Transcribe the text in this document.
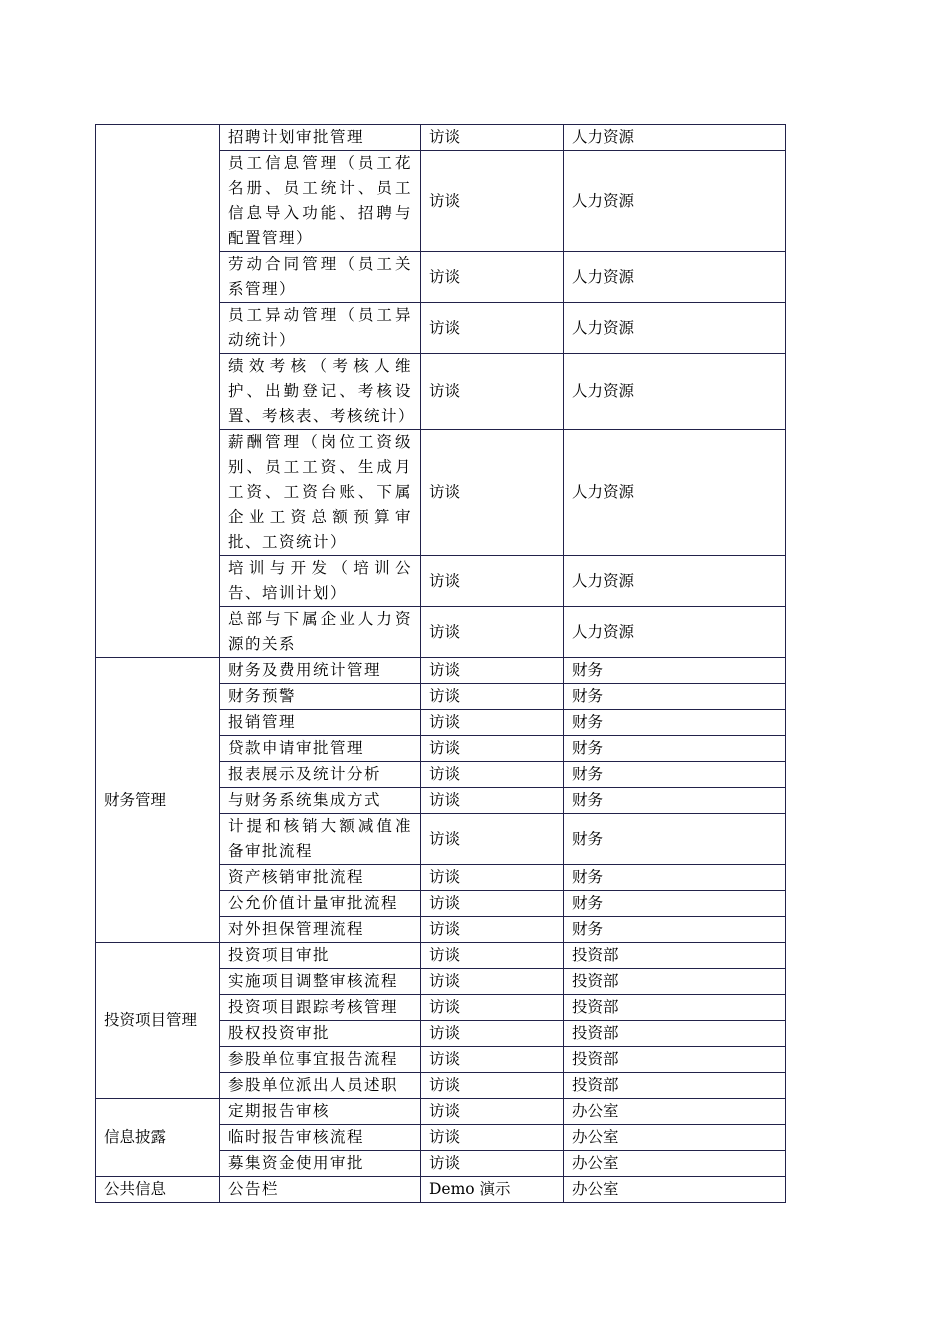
	招聘计划审批管理	访谈	人力资源
	员工信息管理（员工花名册、员工统计、员工信息导入功能、招聘与配置管理）	访谈	人力资源
	劳动合同管理（员工关系管理）	访谈	人力资源
	员工异动管理（员工异动统计）	访谈	人力资源
	绩效考核（考核人维护、出勤登记、考核设置、考核表、考核统计）	访谈	人力资源
	薪酬管理（岗位工资级别、员工工资、生成月工资、工资台账、下属企业工资总额预算审批、工资统计）	访谈	人力资源
	培训与开发（培训公告、培训计划）	访谈	人力资源
	总部与下属企业人力资源的关系	访谈	人力资源
财务管理	财务及费用统计管理	访谈	财务
	财务预警	访谈	财务
	报销管理	访谈	财务
	贷款申请审批管理	访谈	财务
	报表展示及统计分析	访谈	财务
	与财务系统集成方式	访谈	财务
	计提和核销大额减值准备审批流程	访谈	财务
	资产核销审批流程	访谈	财务
	公允价值计量审批流程	访谈	财务
	对外担保管理流程	访谈	财务
投资项目管理	投资项目审批	访谈	投资部
	实施项目调整审核流程	访谈	投资部
	投资项目跟踪考核管理	访谈	投资部
	股权投资审批	访谈	投资部
	参股单位事宜报告流程	访谈	投资部
	参股单位派出人员述职	访谈	投资部
信息披露	定期报告审核	访谈	办公室
	临时报告审核流程	访谈	办公室
	募集资金使用审批	访谈	办公室
公共信息	公告栏	Demo 演示	办公室
